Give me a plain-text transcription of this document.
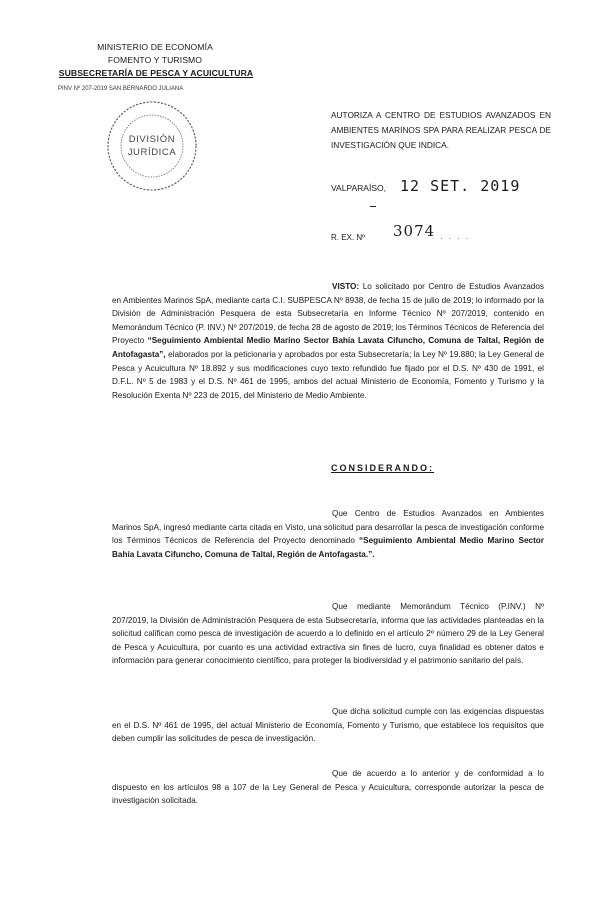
MINISTERIO DE ECONOMÍA
FOMENTO Y TURISMO
SUBSECRETARÍA DE PESCA Y ACUICULTURA
PINV Nº 207-2019 SAN BERNARDO JULIANA
DIVISIÓN
JURÍDICA
AUTORIZA A CENTRO DE ESTUDIOS AVANZADOS EN AMBIENTES MARINOS SPA PARA REALIZAR PESCA DE INVESTIGACIÓN QUE INDICA.
VALPARAÍSO, 12 SET. 2019
R. EX. Nº 3074
. . . . .
VISTO: Lo solicitado por Centro de Estudios Avanzados en Ambientes Marinos SpA, mediante carta C.I. SUBPESCA Nº 8938, de fecha 15 de julio de 2019; lo informado por la División de Administración Pesquera de esta Subsecretaría en Informe Técnico Nº 207/2019, contenido en Memorándum Técnico (P. INV.) Nº 207/2019, de fecha 28 de agosto de 2019; los Términos Técnicos de Referencia del Proyecto “Seguimiento Ambiental Medio Marino Sector Bahía Lavata Cifuncho, Comuna de Taltal, Región de Antofagasta”, elaborados por la peticionaria y aprobados por esta Subsecretaría; la Ley Nº 19.880; la Ley General de Pesca y Acuicultura Nº 18.892 y sus modificaciones cuyo texto refundido fue fijado por el D.S. Nº 430 de 1991, el D.F.L. Nº 5 de 1983 y el D.S. Nº 461 de 1995, ambos del actual Ministerio de Economía, Fomento y Turismo y la Resolución Exenta Nº 223 de 2015, del Ministerio de Medio Ambiente.
CONSIDERANDO:
Que Centro de Estudios Avanzados en Ambientes Marinos SpA, ingresó mediante carta citada en Visto, una solicitud para desarrollar la pesca de investigación conforme los Términos Técnicos de Referencia del Proyecto denominado “Seguimiento Ambiental Medio Marino Sector Bahía Lavata Cifuncho, Comuna de Taltal, Región de Antofagasta.”.
Que mediante Memorándum Técnico (P.INV.) Nº 207/2019, la División de Administración Pesquera de esta Subsecretaría, informa que las actividades planteadas en la solicitud califican como pesca de investigación de acuerdo a lo definido en el artículo 2º número 29 de la Ley General de Pesca y Acuicultura, por cuanto es una actividad extractiva sin fines de lucro, cuya finalidad es obtener datos e información para generar conocimiento científico, para proteger la biodiversidad y el patrimonio sanitario del país.
Que dicha solicitud cumple con las exigencias dispuestas en el D.S. Nº 461 de 1995, del actual Ministerio de Economía, Fomento y Turismo, que establece los requisitos que deben cumplir las solicitudes de pesca de investigación.
Que de acuerdo a lo anterior y de conformidad a lo dispuesto en los artículos 98 a 107 de la Ley General de Pesca y Acuicultura, corresponde autorizar la pesca de investigación solicitada.
